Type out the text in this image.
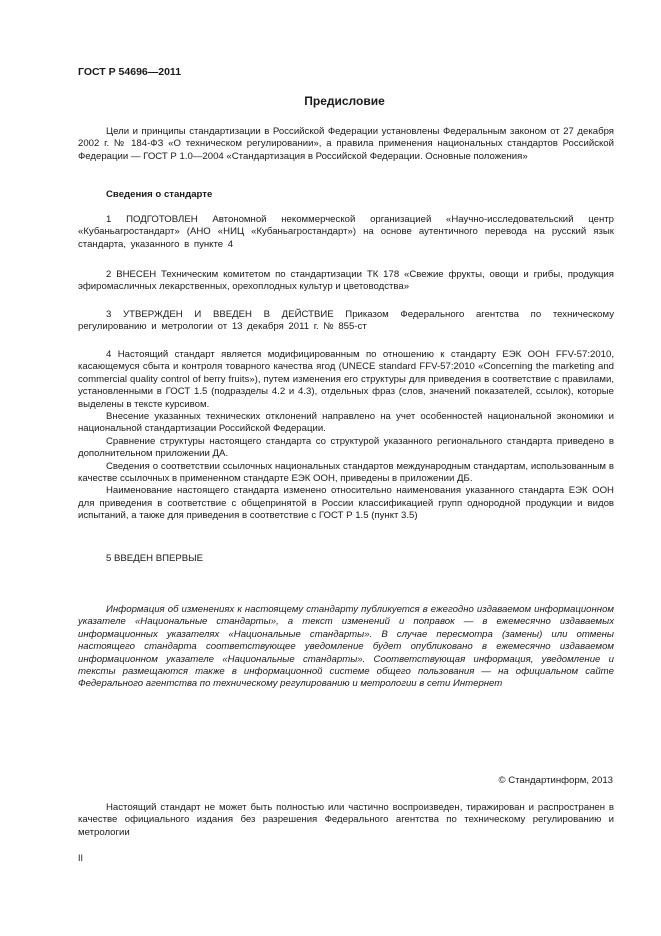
ГОСТ Р 54696—2011
Предисловие

Цели и принципы стандартизации в Российской Федерации установлены Федеральным законом от 27 декабря 2002 г. № 184-ФЗ «О техническом регулировании», а правила применения национальных стандартов Российской Федерации — ГОСТ Р 1.0—2004 «Стандартизация в Российской Федерации. Основные положения»

Сведения о стандарте

1 ПОДГОТОВЛЕН Автономной некоммерческой организацией «Научно-исследовательский центр «Кубаньагростандарт» (АНО «НИЦ «Кубаньагростандарт») на основе аутентичного перевода на русский язык стандарта, указанного в пункте 4

2 ВНЕСЕН Техническим комитетом по стандартизации ТК 178 «Свежие фрукты, овощи и грибы, продукция эфиромасличных лекарственных, орехоплодных культур и цветоводства»

3 УТВЕРЖДЕН И ВВЕДЕН В ДЕЙСТВИЕ Приказом Федерального агентства по техническому регулированию и метрологии от 13 декабря 2011 г. № 855-ст

4 Настоящий стандарт является модифицированным по отношению к стандарту ЕЭК ООН FFV-57:2010, касающемуся сбыта и контроля товарного качества ягод (UNECE standard FFV-57:2010 «Concerning the marketing and commercial quality control of berry fruits»), путем изменения его структуры для приведения в соответствие с правилами, установленными в ГОСТ 1.5 (подразделы 4.2 и 4.3), отдельных фраз (слов, значений показателей, ссылок), которые выделены в тексте курсивом.

Внесение указанных технических отклонений направлено на учет особенностей национальной экономики и национальной стандартизации Российской Федерации.

Сравнение структуры настоящего стандарта со структурой указанного регионального стандарта приведено в дополнительном приложении ДА.

Сведения о соответствии ссылочных национальных стандартов международным стандартам, использованным в качестве ссылочных в примененном стандарте ЕЭК ООН, приведены в приложении ДБ.

Наименование настоящего стандарта изменено относительно наименования указанного стандарта ЕЭК ООН для приведения в соответствие с общепринятой в России классификацией групп однородной продукции и видов испытаний, а также для приведения в соответствие с ГОСТ Р 1.5 (пункт 3.5)

5 ВВЕДЕН ВПЕРВЫЕ

Информация об изменениях к настоящему стандарту публикуется в ежегодно издаваемом информационном указателе «Национальные стандарты», а текст изменений и поправок — в ежемесячно издаваемых информационных указателях «Национальные стандарты». В случае пересмотра (замены) или отмены настоящего стандарта соответствующее уведомление будет опубликовано в ежемесячно издаваемом информационном указателе «Национальные стандарты». Соответствующая информация, уведомление и тексты размещаются также в информационной системе общего пользования — на официальном сайте Федерального агентства по техническому регулированию и метрологии в сети Интернет

© Стандартинформ, 2013

Настоящий стандарт не может быть полностью или частично воспроизведен, тиражирован и распространен в качестве официального издания без разрешения Федерального агентства по техническому регулированию и метрологии

II
